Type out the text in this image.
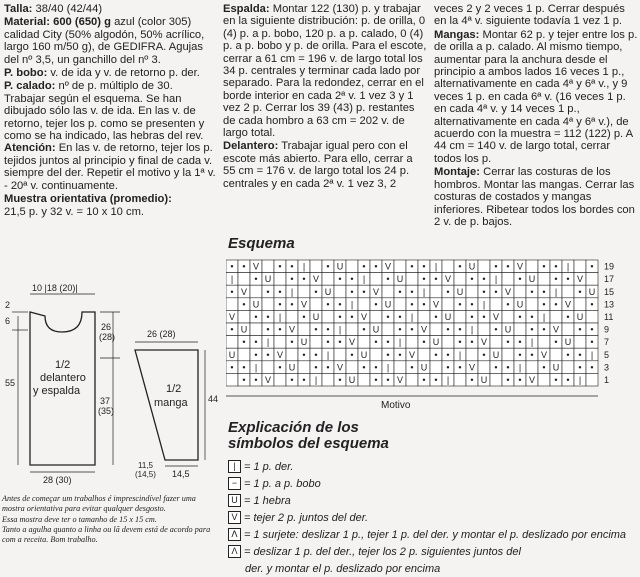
Talla: 38/40 (42/44)

Material: 600 (650) g azul (color 305) calidad City (50% algodón, 50% acrílico, largo 160 m/50 g), de GEDIFRA. Agujas del nº 3,5, un ganchillo del nº 3.

P. bobo: v. de ida y v. de retorno p. der.

P. calado: nº de p. múltiplo de 30. Trabajar según el esquema. Se han dibujado sólo las v. de ida. En las v. de retorno, tejer los p. como se presenten y como se ha indicado, las hebras del rev. Atención: En las v. de retorno, tejer los p. tejidos juntos al principio y final de cada v. siempre del der. Repetir el motivo y la 1ª v. - 20ª v. continuamente.

Muestra orientativa (promedio):
21,5 p. y 32 v. = 10 x 10 cm.

Espalda: Montar 122 (130) p. y trabajar en la siguiente distribución: p. de orilla, 0 (4) p. a p. bobo, 120 p. a p. calado, 0 (4) p. a p. bobo y p. de orilla. Para el escote, cerrar a 61 cm = 196 v. de largo total los 34 p. centrales y terminar cada lado por separado. Para la redondez, cerrar en el borde interior en cada 2ª v. 1 vez 3 y 1 vez 2 p. Cerrar los 39 (43) p. restantes de cada hombro a 63 cm = 202 v. de largo total.

Delantero: Trabajar igual pero con el escote más abierto. Para ello, cerrar a 55 cm = 176 v. de largo total los 24 p. centrales y en cada 2ª v. 1 vez 3, 2

veces 2 y 2 veces 1 p. Cerrar después en la 4ª v. siguiente todavía 1 vez 1 p.

Mangas: Montar 62 p. y tejer entre los p. de orilla a p. calado. Al mismo tiempo, aumentar para la anchura desde el principio a ambos lados 16 veces 1 p., alternativamente en cada 4ª y 6ª v., y 9 veces 1 p. en cada 6ª v. (16 veces 1 p. en cada 4ª v. y 14 veces 1 p., alternativamente en cada 4ª y 6ª v.), de acuerdo con la muestra = 112 (122) p. A 44 cm = 140 v. de largo total, cerrar todos los p.

Montaje: Cerrar las costuras de los hombros. Montar las mangas. Cerrar las costuras de costados y mangas inferiores. Ribetear todos los bordes con 2 v. de p. bajos.

10 |18 (20)|
2
6
26
(28)
1/2
delantero
y espalda
55
37
(35)
28 (30)
26 (28)
1/2
manga 44
11,5
(14,5) 14,5
Esquema
• • V • • | • U • • V • • | • U • • V • • | •
| • U • • V • • | • U • • V • • | • U • • V
• V • • | • U • • V • • | • U • • V • • | • U
• U • • V • • | • U • • V • • | • U • • V •
V • • | • U • • V • • | • U • • V • • | • U
• U • • V • • | • U • • V • • | • U • • V • •
• • | • U • • V • • | • U • • V • • | • U •
U • • V • • | • U • • V • • | • U • • V • • |
• • | • U • • V • • | • U • • V • • | • U • •
• • V • • | • U • • V • • | • U • • V • • |
19
17
15
13
11
9
7
5
3
1
Motivo
Explicación de los
símbolos del esquema
| = 1 p. der.
− = 1 p. a p. bobo
U = 1 hebra
V = tejer 2 p. juntos del der.
ᐱ = 1 surjete: deslizar 1 p., tejer 1 p. del der. y montar el p. deslizado por encima
Λ = deslizar 1 p. del der., tejer los 2 p. siguientes juntos del
der. y montar el p. deslizado por encima
Antes de começar um trabalhos é imprescindível fazer uma mostra orientativa para evitar qualquer desgosto.
Essa mostra deve ter o tamanho de 15 x 15 cm.
Tanto a agulha quanto a linha ou lã devem está de acordo para com a receita. Bom trabalho.
